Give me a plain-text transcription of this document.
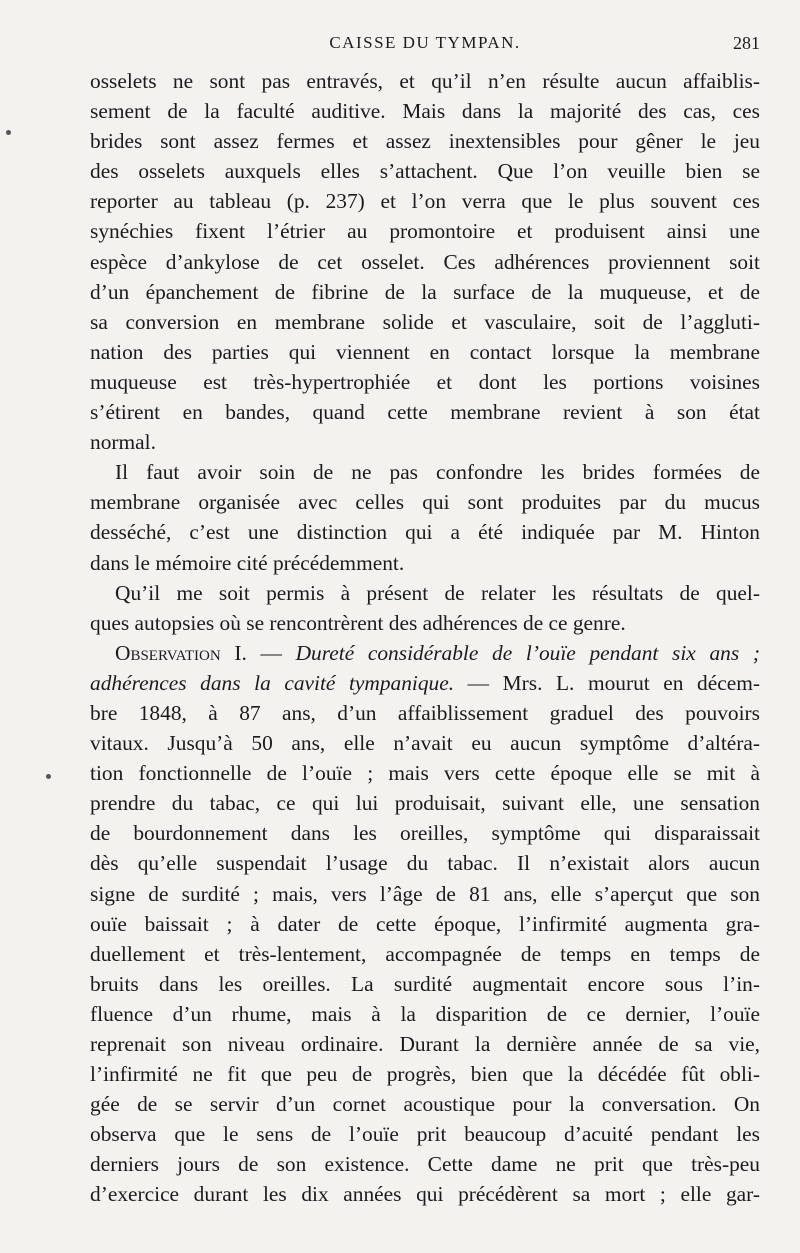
CAISSE DU TYMPAN.	281
osselets ne sont pas entravés, et qu’il n’en résulte aucun affaiblis-
sement de la faculté auditive. Mais dans la majorité des cas, ces
brides sont assez fermes et assez inextensibles pour gêner le jeu
des osselets auxquels elles s’attachent. Que l’on veuille bien se
reporter au tableau (p. 237) et l’on verra que le plus souvent ces
synéchies fixent l’étrier au promontoire et produisent ainsi une
espèce d’ankylose de cet osselet. Ces adhérences proviennent soit
d’un épanchement de fibrine de la surface de la muqueuse, et de
sa conversion en membrane solide et vasculaire, soit de l’aggluti-
nation des parties qui viennent en contact lorsque la membrane
muqueuse est très-hypertrophiée et dont les portions voisines
s’étirent en bandes, quand cette membrane revient à son état
normal.
Il faut avoir soin de ne pas confondre les brides formées de
membrane organisée avec celles qui sont produites par du mucus
desséché, c’est une distinction qui a été indiquée par M. Hinton
dans le mémoire cité précédemment.
Qu’il me soit permis à présent de relater les résultats de quel-
ques autopsies où se rencontrèrent des adhérences de ce genre.
Observation I. — Dureté considérable de l’ouïe pendant six ans ;
adhérences dans la cavité tympanique. — Mrs. L. mourut en décem-
bre 1848, à 87 ans, d’un affaiblissement graduel des pouvoirs
vitaux. Jusqu’à 50 ans, elle n’avait eu aucun symptôme d’altéra-
tion fonctionnelle de l’ouïe ; mais vers cette époque elle se mit à
prendre du tabac, ce qui lui produisait, suivant elle, une sensation
de bourdonnement dans les oreilles, symptôme qui disparaissait
dès qu’elle suspendait l’usage du tabac. Il n’existait alors aucun
signe de surdité ; mais, vers l’âge de 81 ans, elle s’aperçut que son
ouïe baissait ; à dater de cette époque, l’infirmité augmenta gra-
duellement et très-lentement, accompagnée de temps en temps de
bruits dans les oreilles. La surdité augmentait encore sous l’in-
fluence d’un rhume, mais à la disparition de ce dernier, l’ouïe
reprenait son niveau ordinaire. Durant la dernière année de sa vie,
l’infirmité ne fit que peu de progrès, bien que la décédée fût obli-
gée de se servir d’un cornet acoustique pour la conversation. On
observa que le sens de l’ouïe prit beaucoup d’acuité pendant les
derniers jours de son existence. Cette dame ne prit que très-peu
d’exercice durant les dix années qui précédèrent sa mort ; elle gar-
